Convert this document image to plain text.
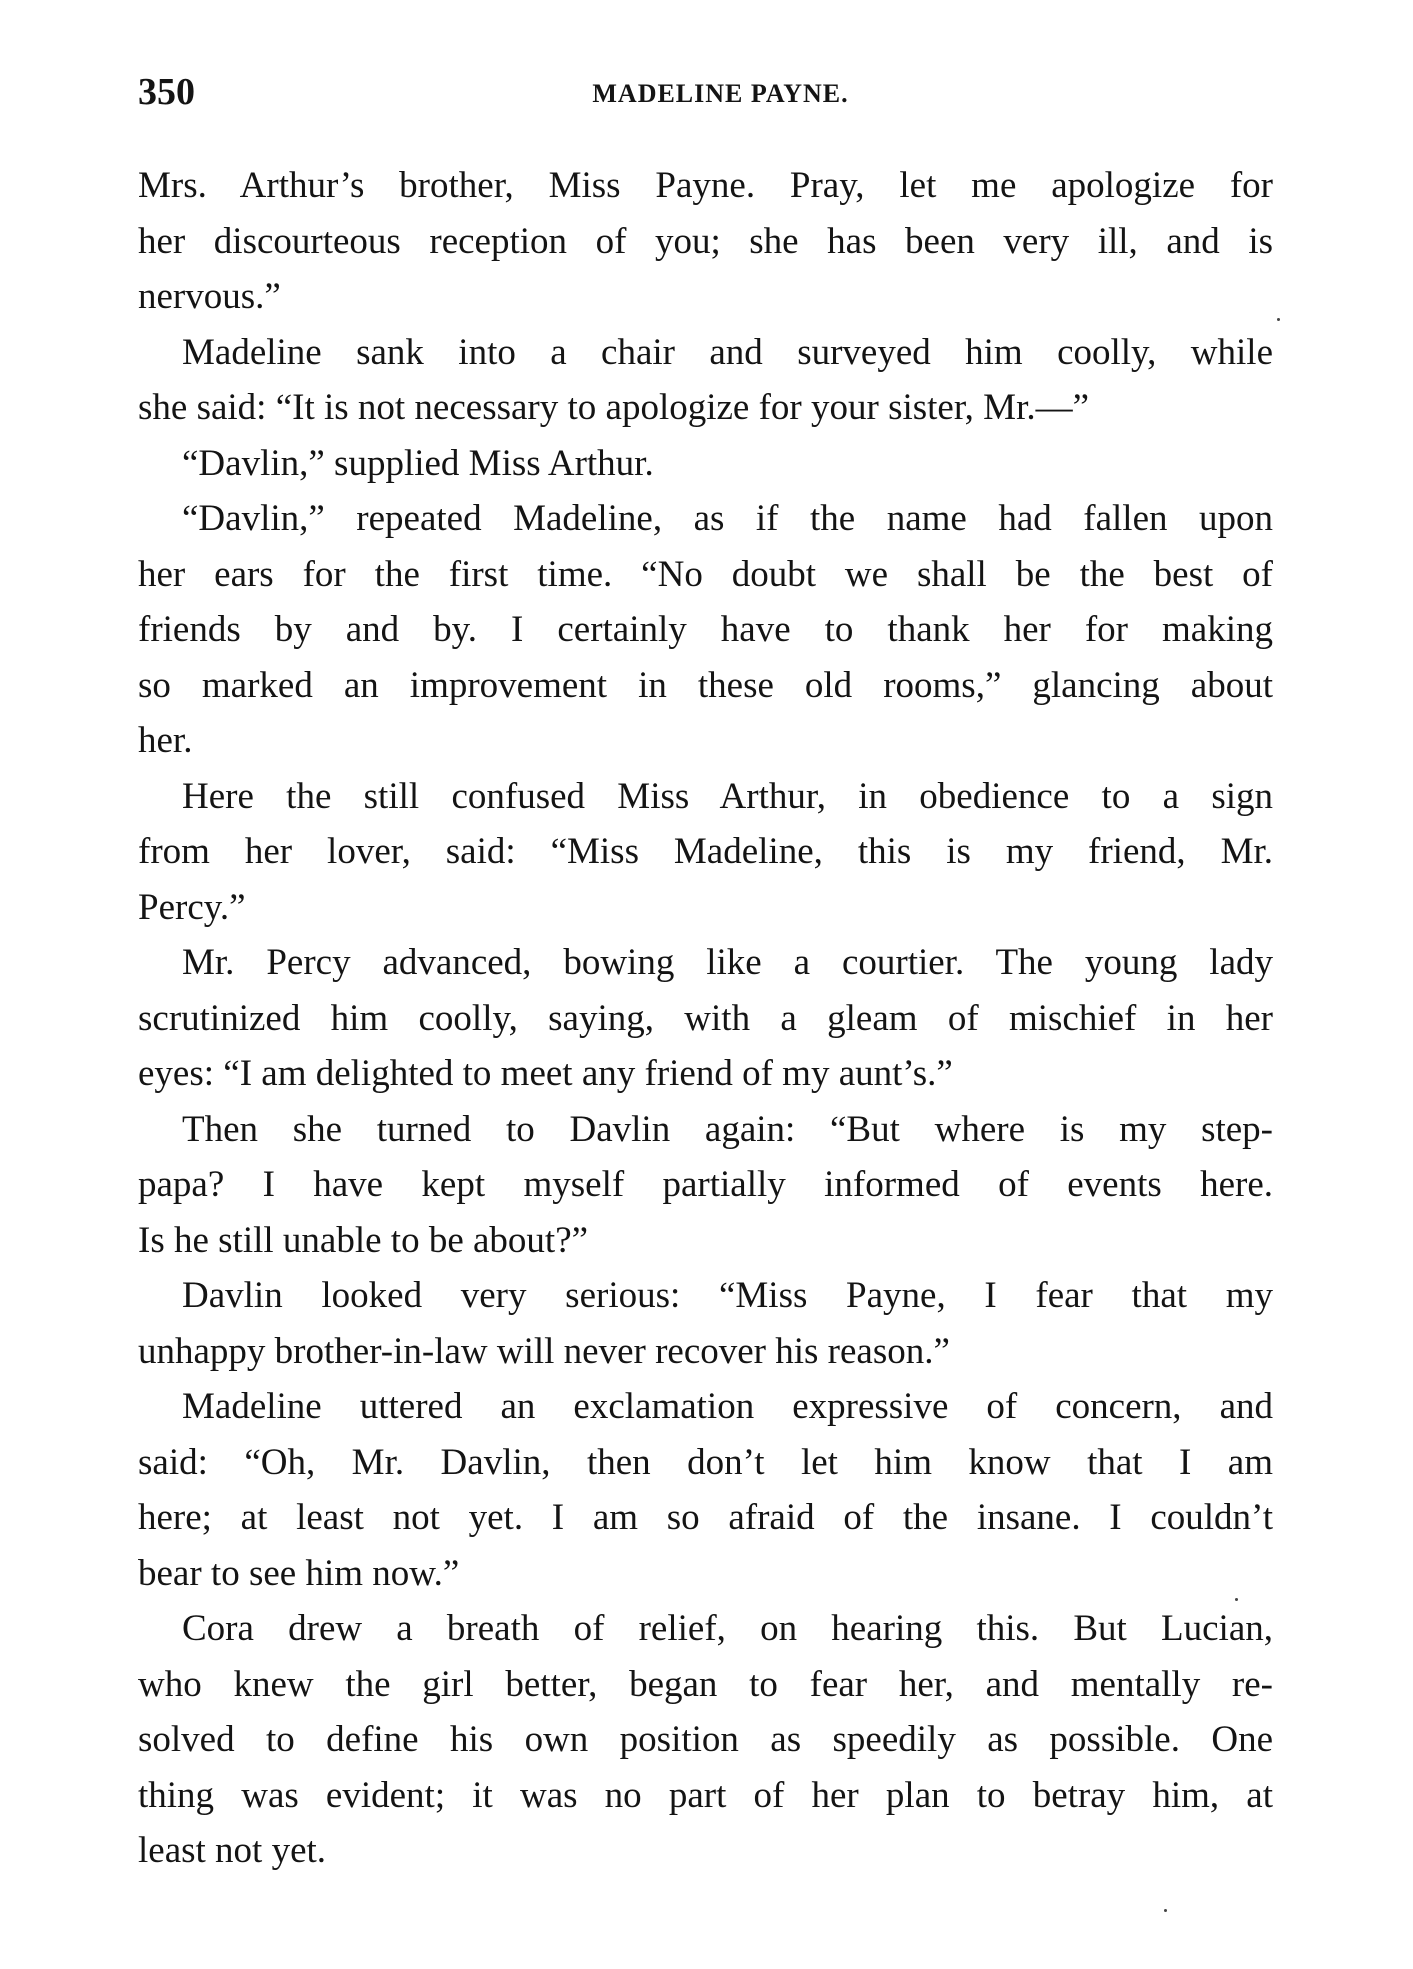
350	MADELINE PAYNE.
Mrs. Arthur’s brother, Miss Payne. Pray, let me apologize for
her discourteous reception of you; she has been very ill, and is
nervous.”
Madeline sank into a chair and surveyed him coolly, while
she said: “It is not necessary to apologize for your sister, Mr.—”
“Davlin,” supplied Miss Arthur.
“Davlin,” repeated Madeline, as if the name had fallen upon
her ears for the first time. “No doubt we shall be the best of
friends by and by. I certainly have to thank her for making
so marked an improvement in these old rooms,” glancing about
her.
Here the still confused Miss Arthur, in obedience to a sign
from her lover, said: “Miss Madeline, this is my friend, Mr.
Percy.”
Mr. Percy advanced, bowing like a courtier. The young lady
scrutinized him coolly, saying, with a gleam of mischief in her
eyes: “I am delighted to meet any friend of my aunt’s.”
Then she turned to Davlin again: “But where is my step-
papa? I have kept myself partially informed of events here.
Is he still unable to be about?”
Davlin looked very serious: “Miss Payne, I fear that my
unhappy brother-in-law will never recover his reason.”
Madeline uttered an exclamation expressive of concern, and
said: “Oh, Mr. Davlin, then don’t let him know that I am
here; at least not yet. I am so afraid of the insane. I couldn’t
bear to see him now.”
Cora drew a breath of relief, on hearing this. But Lucian,
who knew the girl better, began to fear her, and mentally re-
solved to define his own position as speedily as possible. One
thing was evident; it was no part of her plan to betray him, at
least not yet.
